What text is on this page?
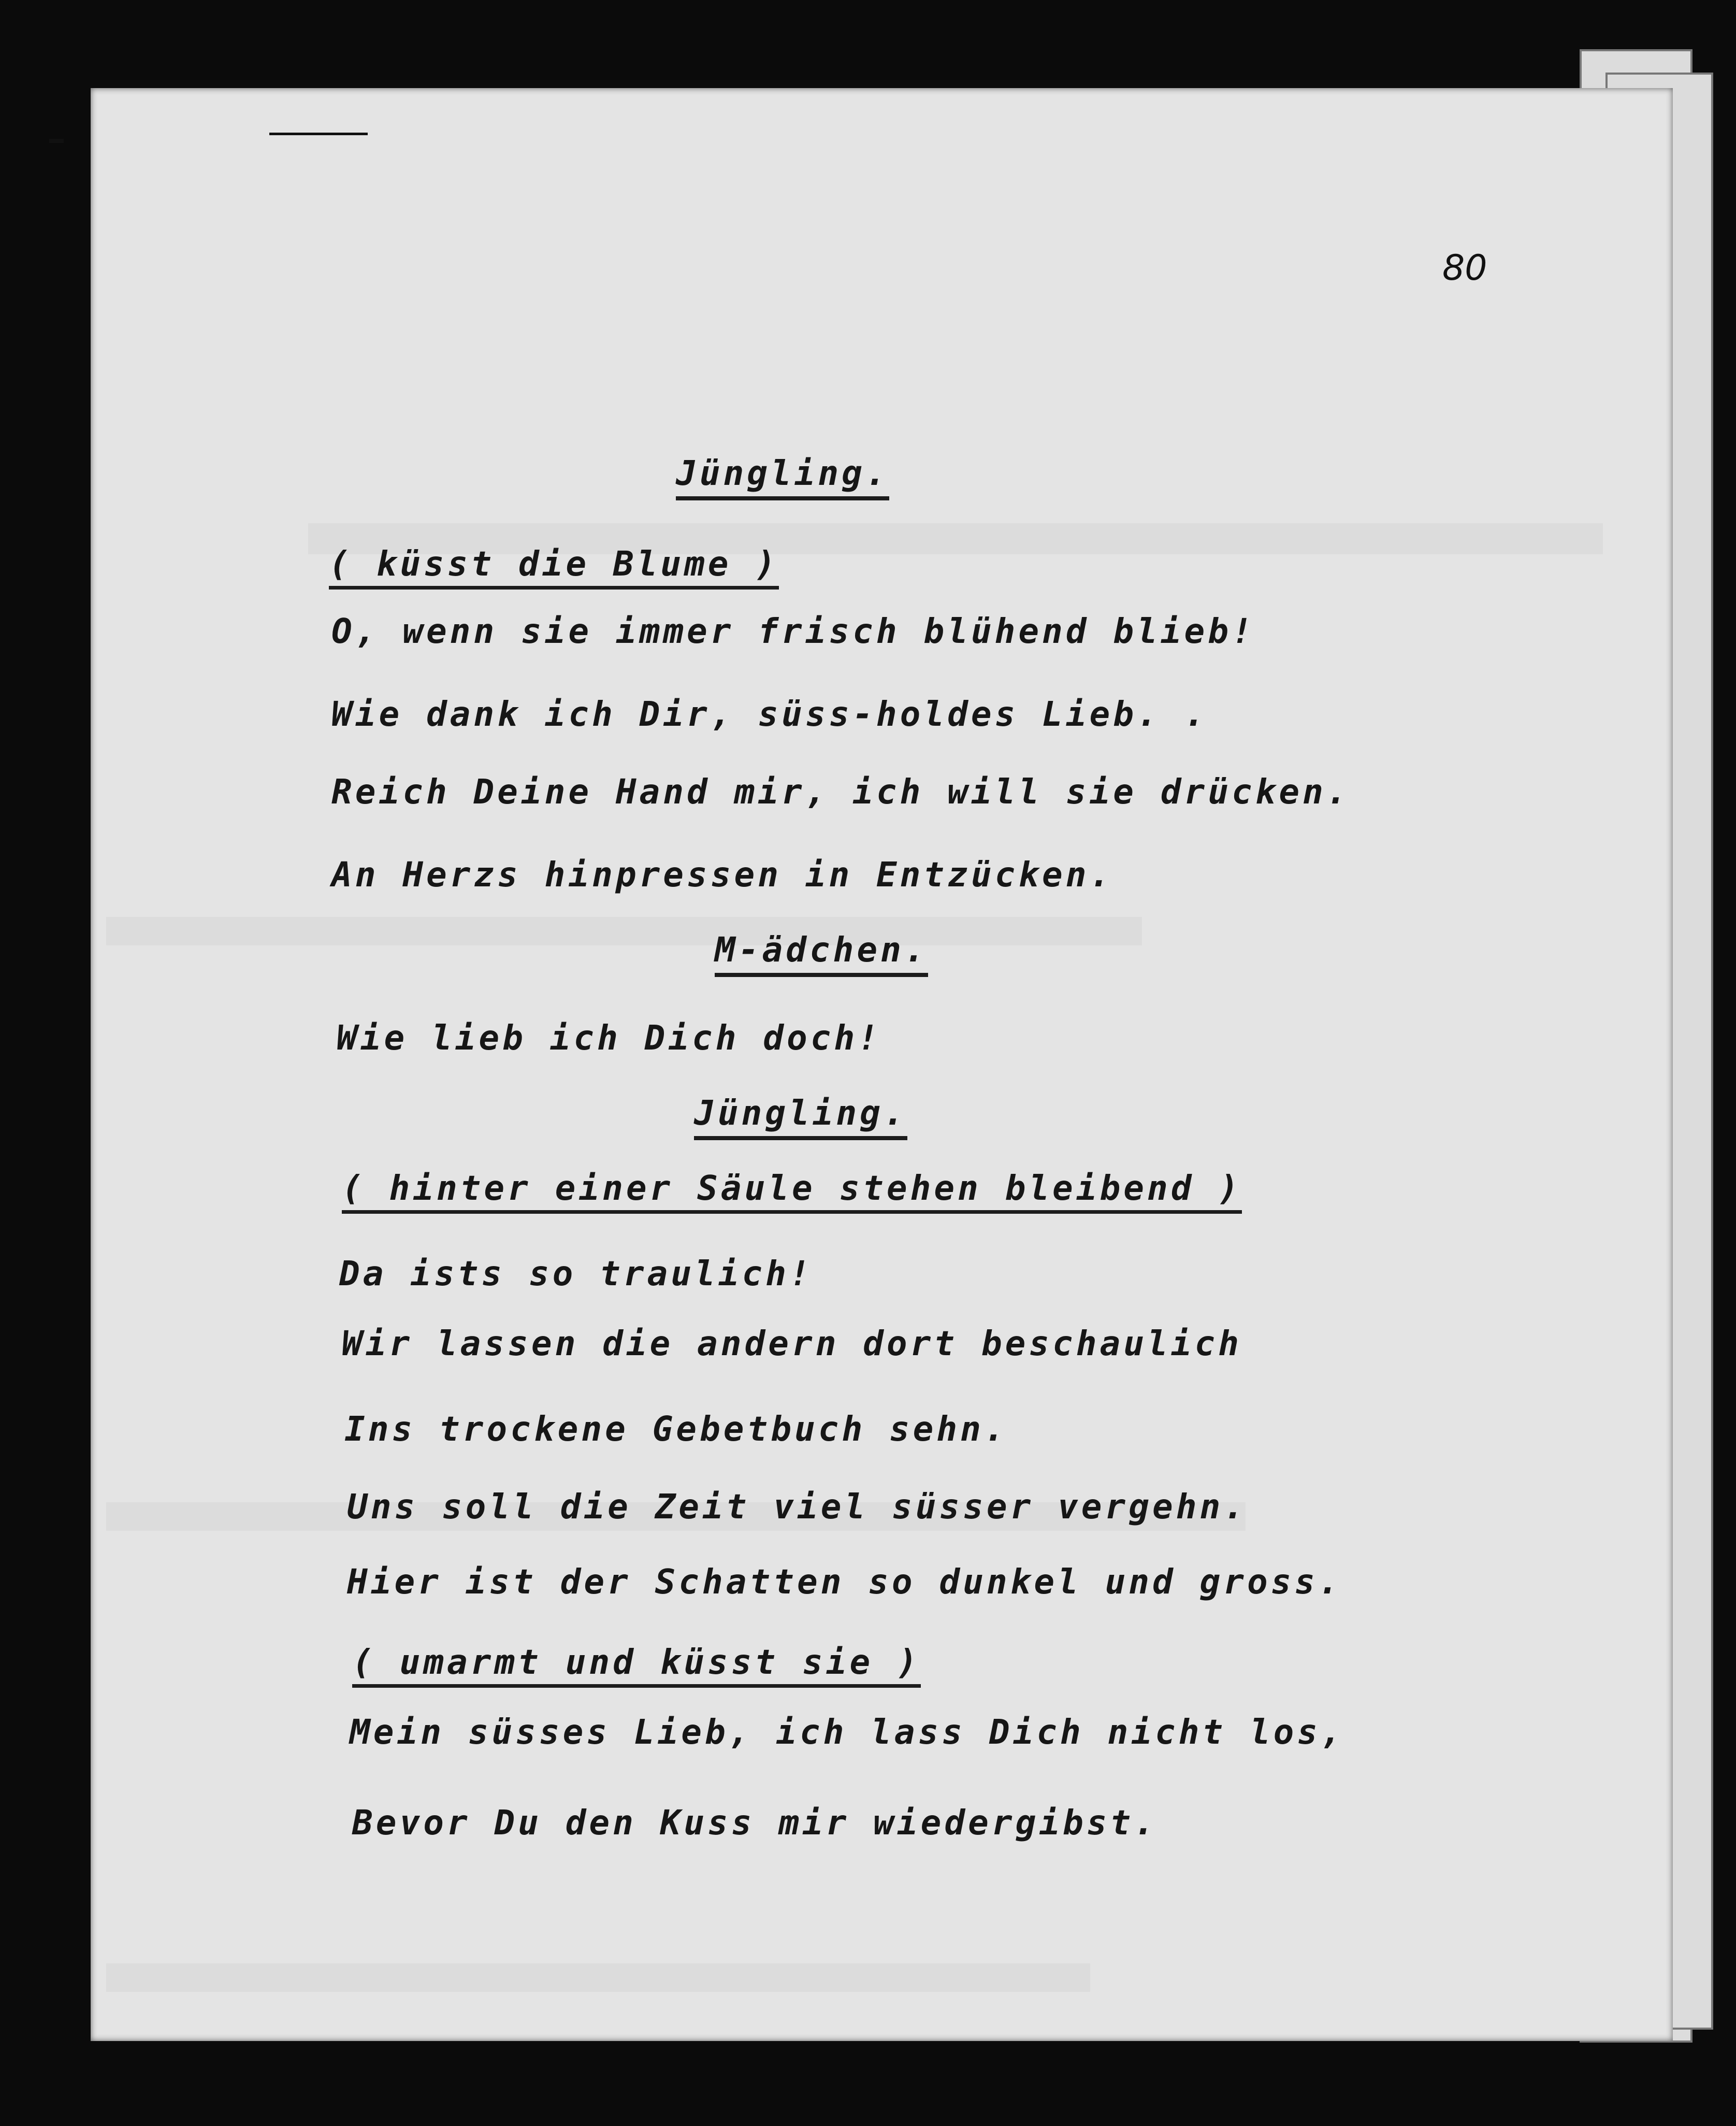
80
Jüngling.
( küsst die Blume )
O, wenn sie immer frisch blühend blieb!
Wie dank ich Dir, süss-holdes Lieb. .
Reich Deine Hand mir, ich will sie drücken.
An Herzs hinpressen in Entzücken.
M-ädchen.
Wie lieb ich Dich doch!
Jüngling.
( hinter einer Säule stehen bleibend )
Da ists so traulich!
Wir lassen die andern dort beschaulich
Ins trockene Gebetbuch sehn.
Uns soll die Zeit viel süsser vergehn.
Hier ist der Schatten so dunkel und gross.
( umarmt und küsst sie )
Mein süsses Lieb, ich lass Dich nicht los,
Bevor Du den Kuss mir wiedergibst.
